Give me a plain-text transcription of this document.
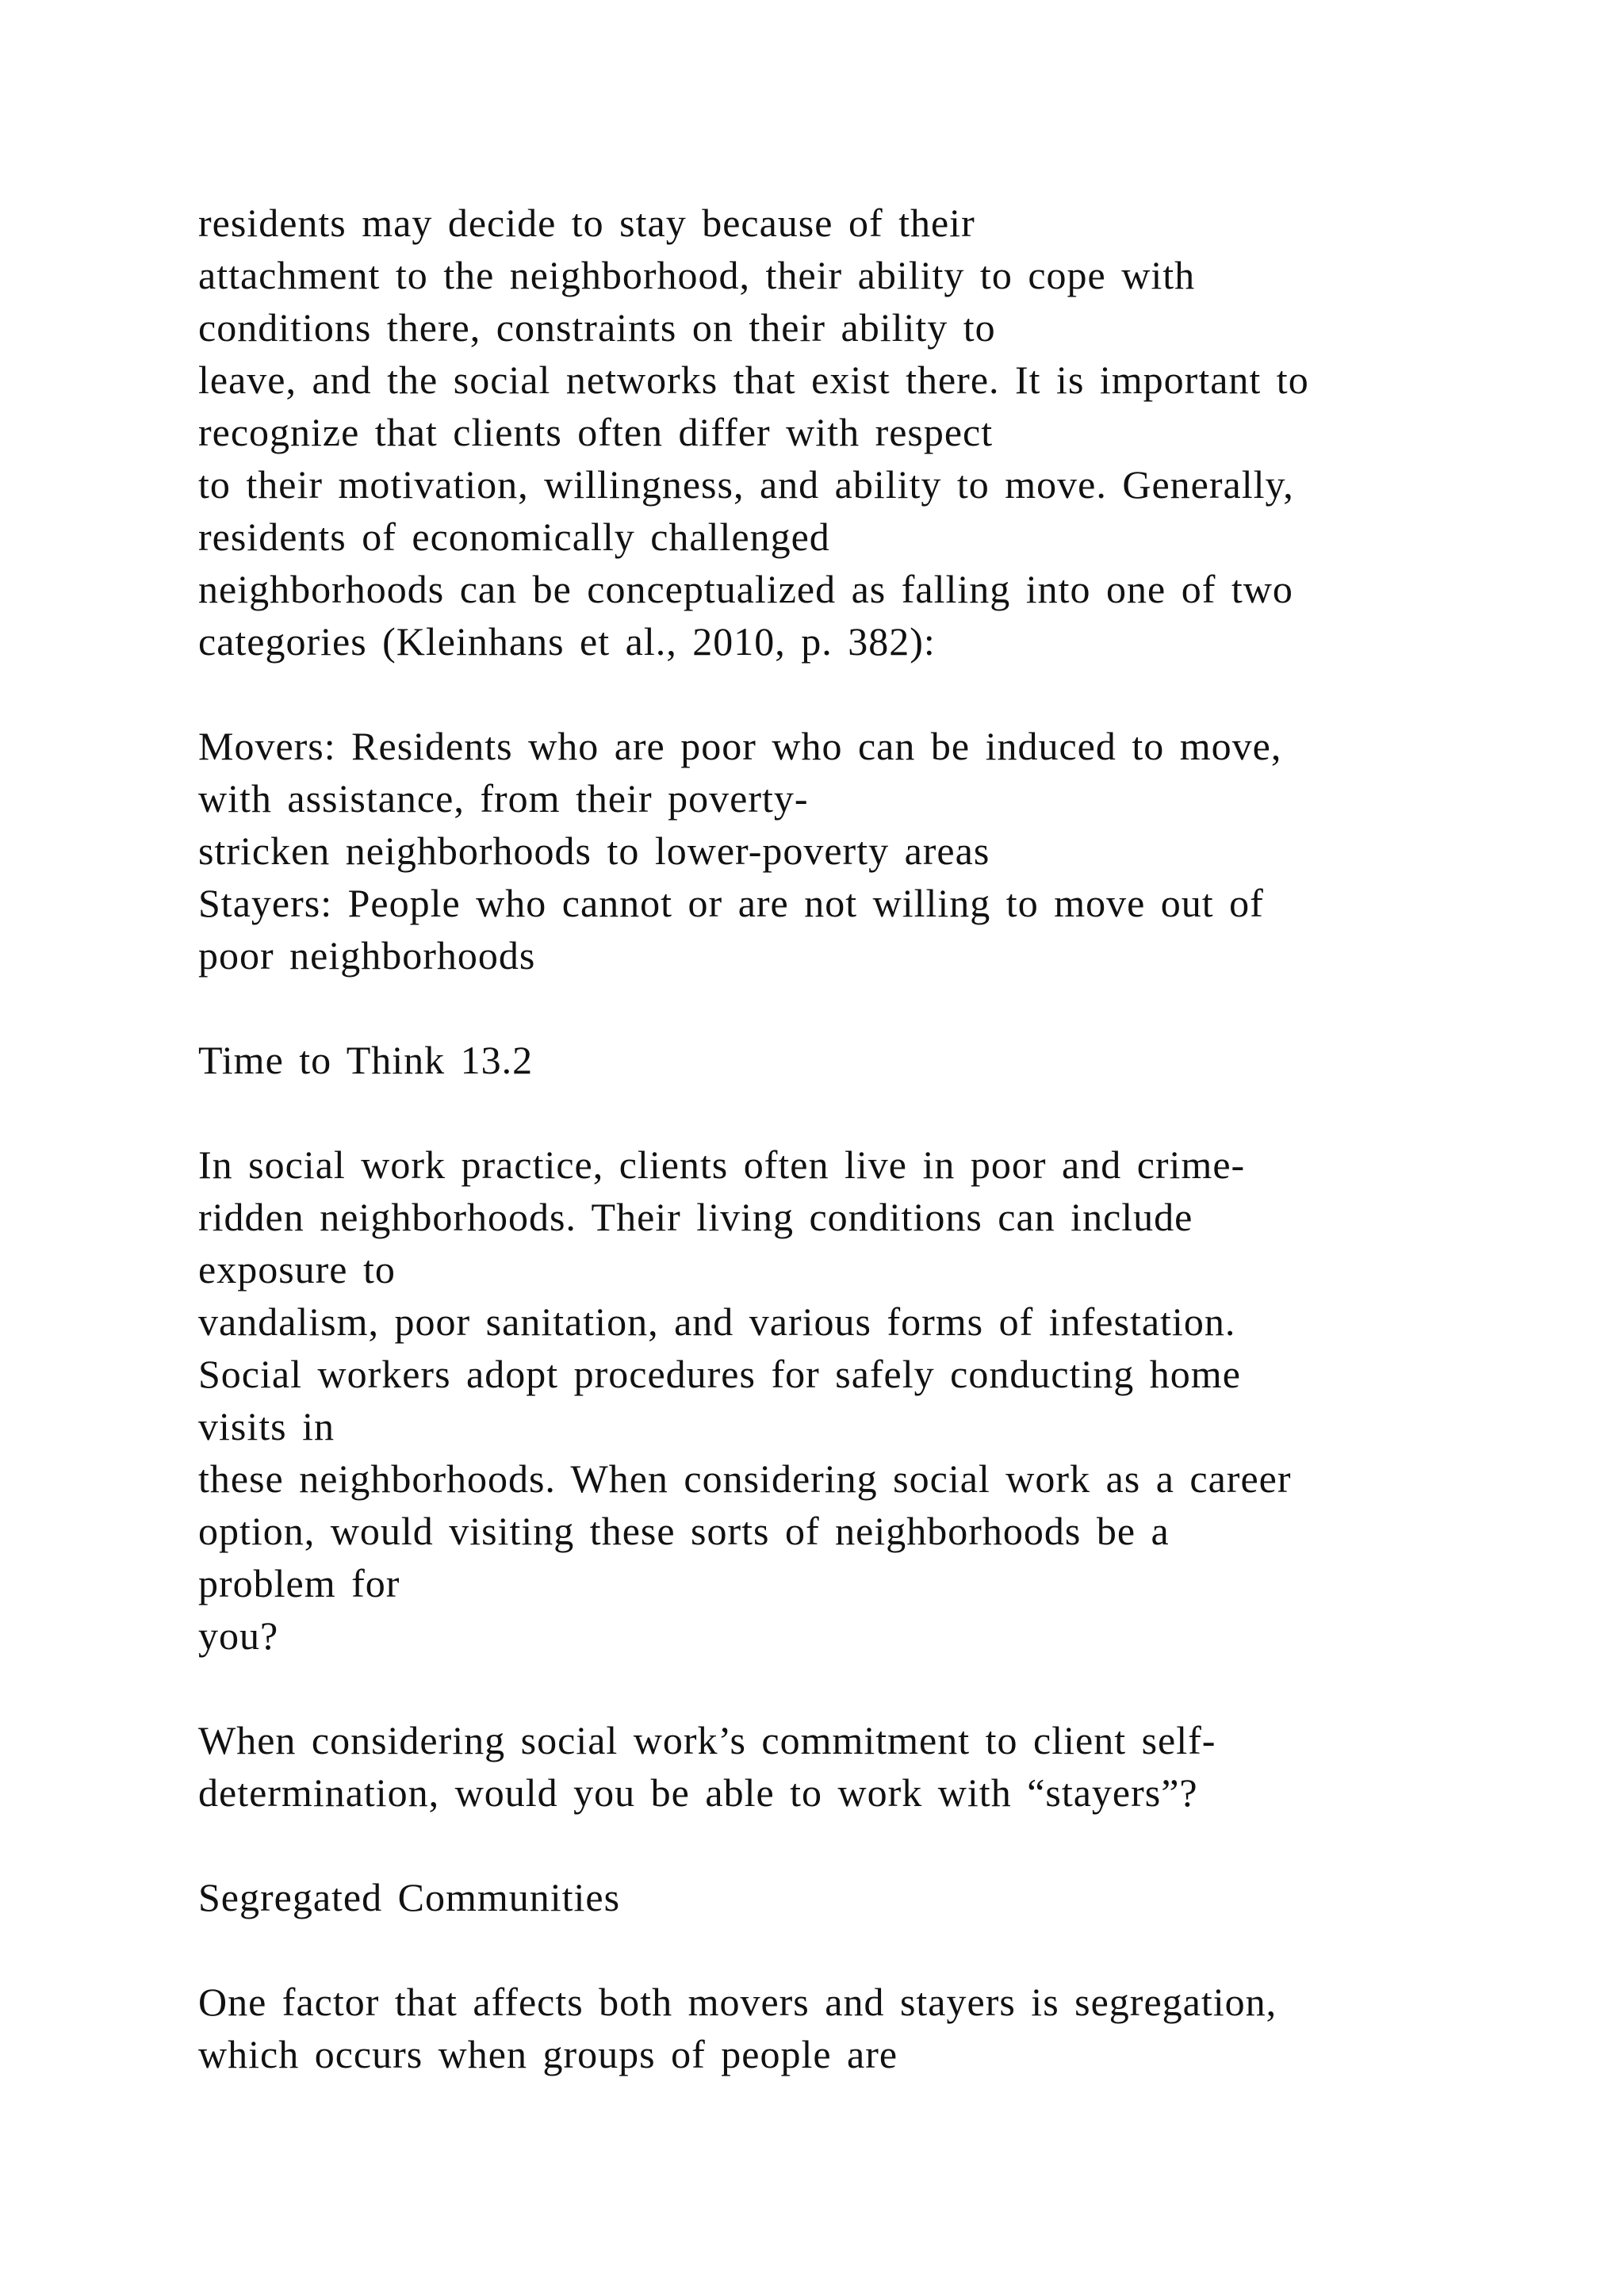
residents may decide to stay because of their
attachment to the neighborhood, their ability to cope with
conditions there, constraints on their ability to
leave, and the social networks that exist there. It is important to
recognize that clients often differ with respect
to their motivation, willingness, and ability to move. Generally,
residents of economically challenged
neighborhoods can be conceptualized as falling into one of two
categories (Kleinhans et al., 2010, p. 382):
Movers: Residents who are poor who can be induced to move,
with assistance, from their poverty-
stricken neighborhoods to lower-poverty areas
Stayers: People who cannot or are not willing to move out of
poor neighborhoods
Time to Think 13.2
In social work practice, clients often live in poor and crime-
ridden neighborhoods. Their living conditions can include
exposure to
vandalism, poor sanitation, and various forms of infestation.
Social workers adopt procedures for safely conducting home
visits in
these neighborhoods. When considering social work as a career
option, would visiting these sorts of neighborhoods be a
problem for
you?
When considering social work’s commitment to client self-
determination, would you be able to work with “stayers”?
Segregated Communities
One factor that affects both movers and stayers is segregation,
which occurs when groups of people are
